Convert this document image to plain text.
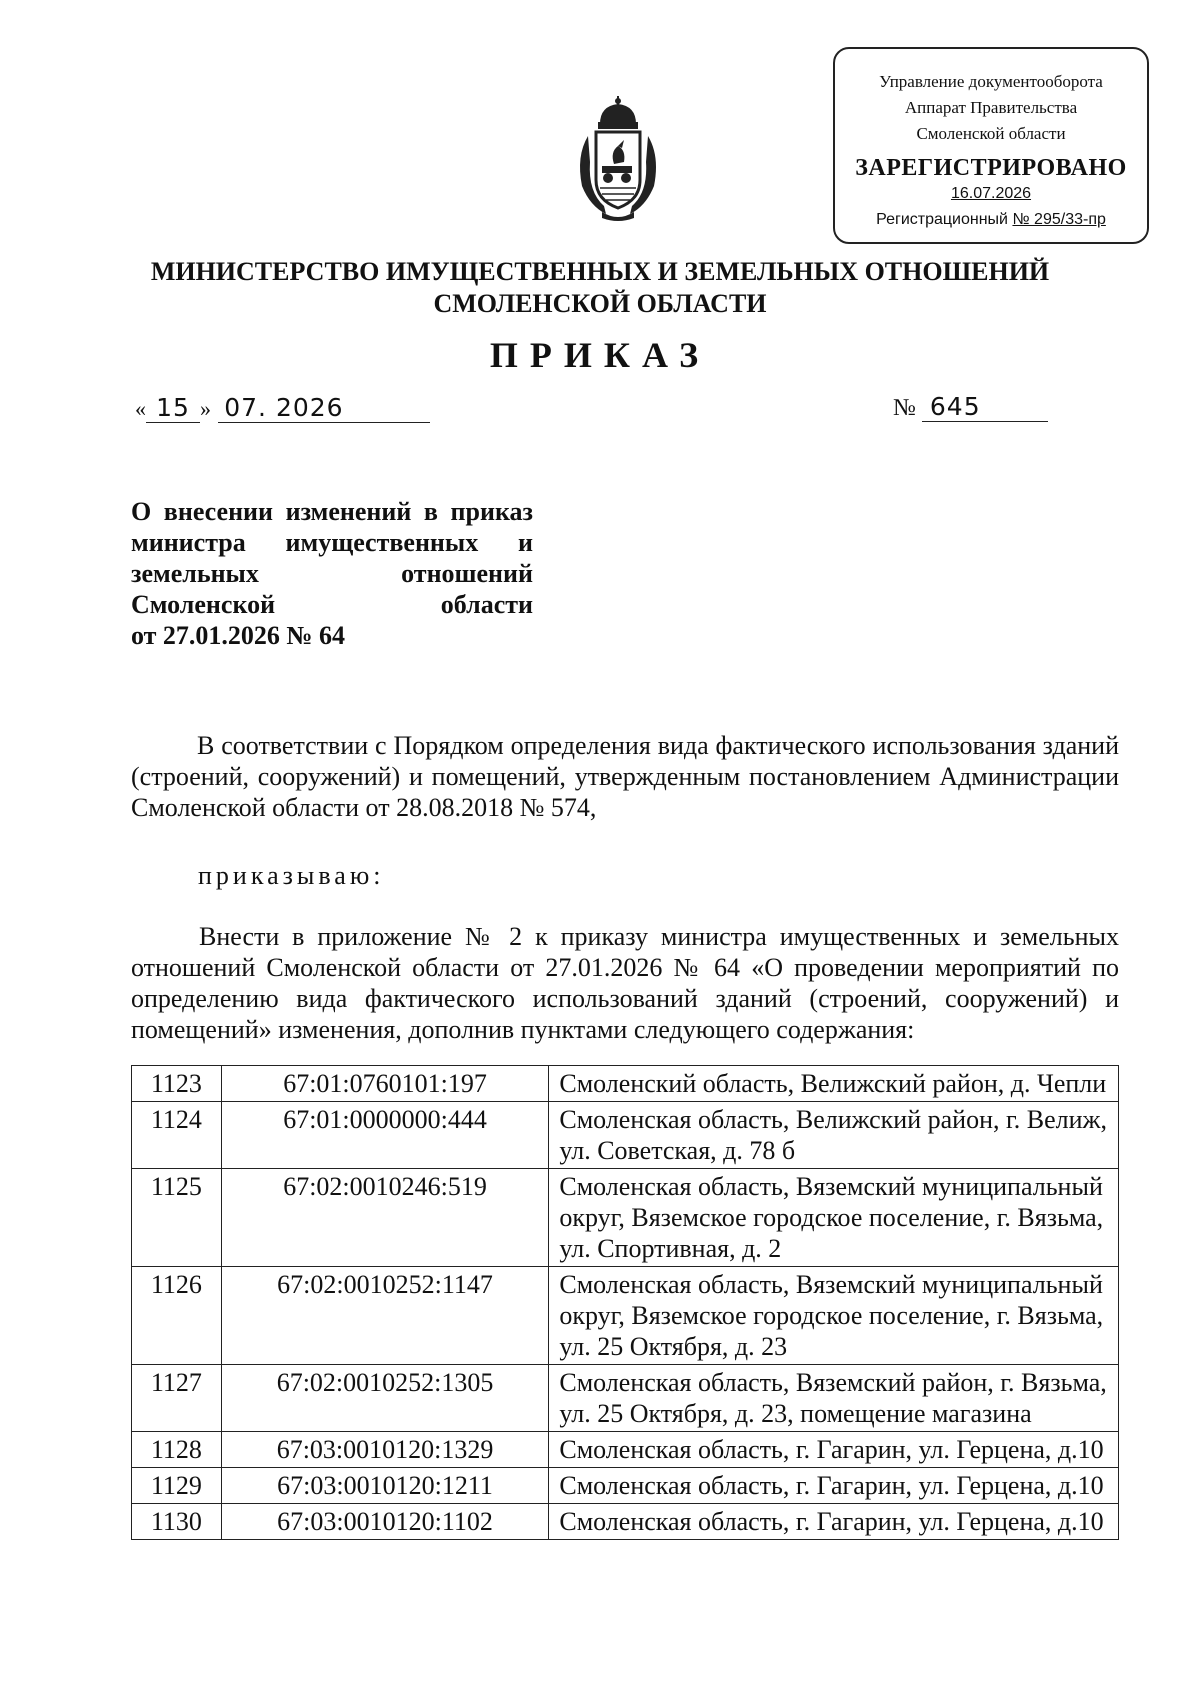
Управление документооборота
Аппарат Правительства
Смоленской области
ЗАРЕГИСТРИРОВАНО
16.07.2026
Регистрационный № 295/33-пр
МИНИСТЕРСТВО ИМУЩЕСТВЕННЫХ И ЗЕМЕЛЬНЫХ ОТНОШЕНИЙ
СМОЛЕНСКОЙ ОБЛАСТИ
ПРИКАЗ
« 15 » 07. 2026	№ 645
О внесении изменений в приказ
министра имущественных и
земельных отношений
Смоленской области
от 27.01.2026 № 64
В соответствии с Порядком определения вида фактического использования зданий (строений, сооружений) и помещений, утвержденным постановлением Администрации Смоленской области от 28.08.2018 № 574,
приказываю:
Внести в приложение № 2 к приказу министра имущественных и земельных отношений Смоленской области от 27.01.2026 № 64 «О проведении мероприятий по определению вида фактического использований зданий (строений, сооружений) и помещений» изменения, дополнив пунктами следующего содержания:
1123	67:01:0760101:197	Смоленский область, Велижский район, д. Чепли
1124	67:01:0000000:444	Смоленская область, Велижский район, г. Велиж, ул. Советская, д. 78 б
1125	67:02:0010246:519	Смоленская область, Вяземский муниципальный округ, Вяземское городское поселение, г. Вязьма, ул. Спортивная, д. 2
1126	67:02:0010252:1147	Смоленская область, Вяземский муниципальный округ, Вяземское городское поселение, г. Вязьма, ул. 25 Октября, д. 23
1127	67:02:0010252:1305	Смоленская область, Вяземский район, г. Вязьма, ул. 25 Октября, д. 23, помещение магазина
1128	67:03:0010120:1329	Смоленская область, г. Гагарин, ул. Герцена, д.10
1129	67:03:0010120:1211	Смоленская область, г. Гагарин, ул. Герцена, д.10
1130	67:03:0010120:1102	Смоленская область, г. Гагарин, ул. Герцена, д.10
